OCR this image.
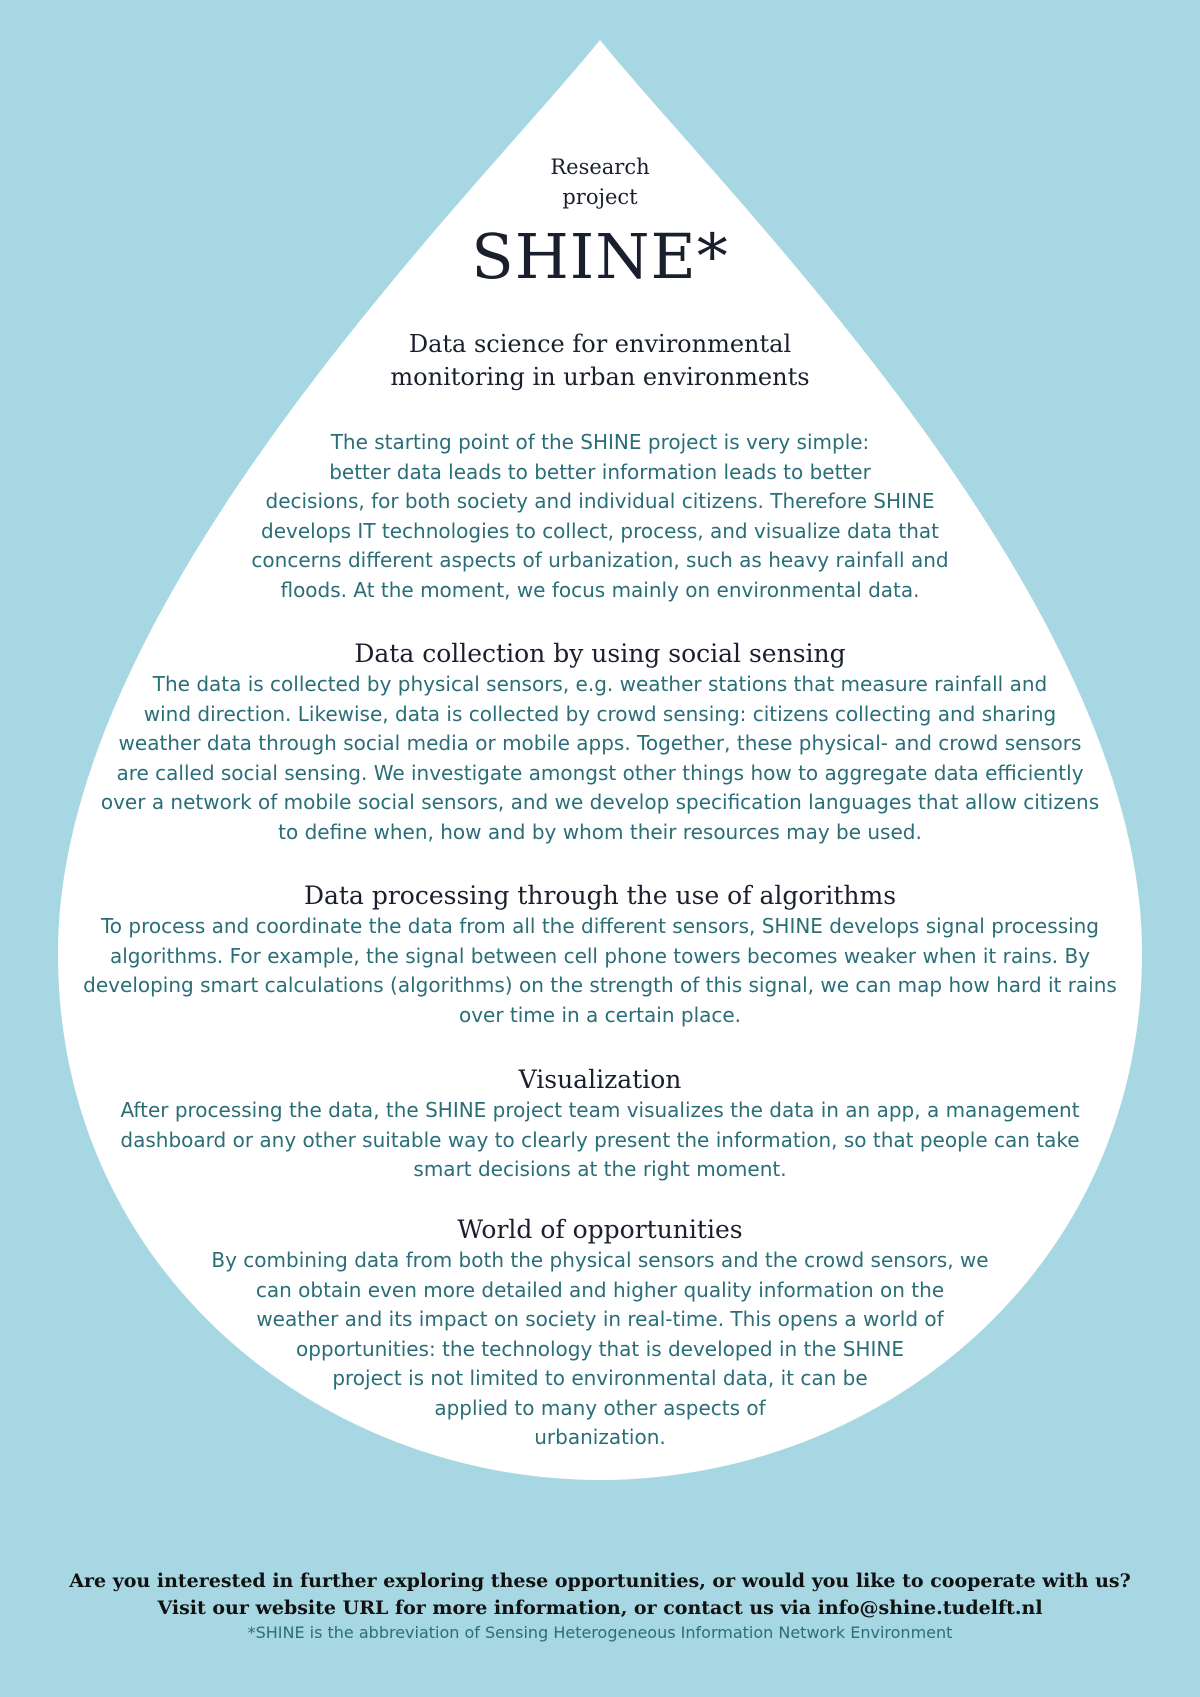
Research
project
SHINE*
Data science for environmental
monitoring in urban environments
The starting point of the SHINE project is very simple:
better data leads to better information leads to better
decisions, for both society and individual citizens. Therefore SHINE
develops IT technologies to collect, process, and visualize data that
concerns different aspects of urbanization, such as heavy rainfall and
floods. At the moment, we focus mainly on environmental data.
Data collection by using social sensing
The data is collected by physical sensors, e.g. weather stations that measure rainfall and
wind direction. Likewise, data is collected by crowd sensing: citizens collecting and sharing
weather data through social media or mobile apps. Together, these physical- and crowd sensors
are called social sensing. We investigate amongst other things how to aggregate data efficiently
over a network of mobile social sensors, and we develop specification languages that allow citizens
to define when, how and by whom their resources may be used.
Data processing through the use of algorithms
To process and coordinate the data from all the different sensors, SHINE develops signal processing
algorithms. For example, the signal between cell phone towers becomes weaker when it rains. By
developing smart calculations (algorithms) on the strength of this signal, we can map how hard it rains
over time in a certain place.
Visualization
After processing the data, the SHINE project team visualizes the data in an app, a management
dashboard or any other suitable way to clearly present the information, so that people can take
smart decisions at the right moment.
World of opportunities
By combining data from both the physical sensors and the crowd sensors, we
can obtain even more detailed and higher quality information on the
weather and its impact on society in real-time. This opens a world of
opportunities: the technology that is developed in the SHINE
project is not limited to environmental data, it can be
applied to many other aspects of
urbanization.
Are you interested in further exploring these opportunities, or would you like to cooperate with us?
Visit our website URL for more information, or contact us via info@shine.tudelft.nl
*SHINE is the abbreviation of Sensing Heterogeneous Information Network Environment
